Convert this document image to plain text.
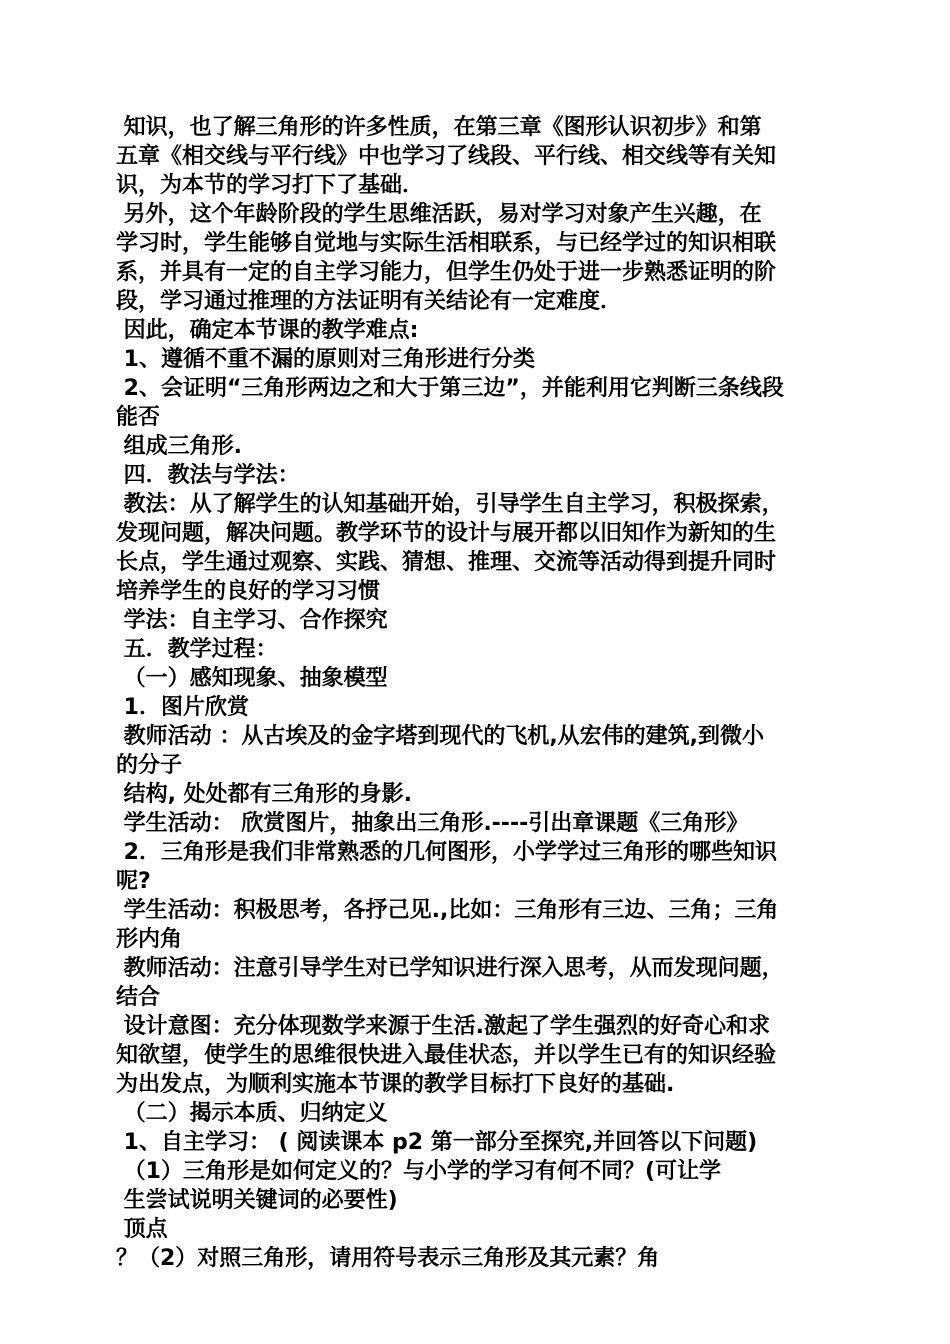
知识，也了解三角形的许多性质，在第三章《图形认识初步》和第
五章《相交线与平行线》中也学习了线段、平行线、相交线等有关知
识，为本节的学习打下了基础．
另外，这个年龄阶段的学生思维活跃，易对学习对象产生兴趣，在
学习时，学生能够自觉地与实际生活相联系，与已经学过的知识相联
系，并具有一定的自主学习能力，但学生仍处于进一步熟悉证明的阶
段，学习通过推理的方法证明有关结论有一定难度．
因此，确定本节课的教学难点:
1、遵循不重不漏的原则对三角形进行分类
2、会证明“三角形两边之和大于第三边”，并能利用它判断三条线段
能否
组成三角形.
四．教法与学法：
教法：从了解学生的认知基础开始，引导学生自主学习，积极探索，
发现问题，解决问题。教学环节的设计与展开都以旧知作为新知的生
长点，学生通过观察、实践、猜想、推理、交流等活动得到提升同时
培养学生的良好的学习习惯
学法：自主学习、合作探究
五．教学过程：
（一）感知现象、抽象模型
1．图片欣赏
教师活动 ：从古埃及的金字塔到现代的飞机,从宏伟的建筑,到微小
的分子
结构, 处处都有三角形的身影.
学生活动： 欣赏图片，抽象出三角形.----引出章课题《三角形》
2．三角形是我们非常熟悉的几何图形，小学学过三角形的哪些知识
呢?
学生活动：积极思考，各抒己见.,比如：三角形有三边、三角；三角
形内角
教师活动：注意引导学生对已学知识进行深入思考，从而发现问题，
结合
设计意图：充分体现数学来源于生活.激起了学生强烈的好奇心和求
知欲望，使学生的思维很快进入最佳状态，并以学生已有的知识经验
为出发点，为顺利实施本节课的教学目标打下良好的基础.
（二）揭示本质、归纳定义
1、自主学习： ( 阅读课本 p2 第一部分至探究,并回答以下问题)
（1）三角形是如何定义的？与小学的学习有何不同？(可让学
生尝试说明关键词的必要性)
顶点
？（2）对照三角形，请用符号表示三角形及其元素？角
